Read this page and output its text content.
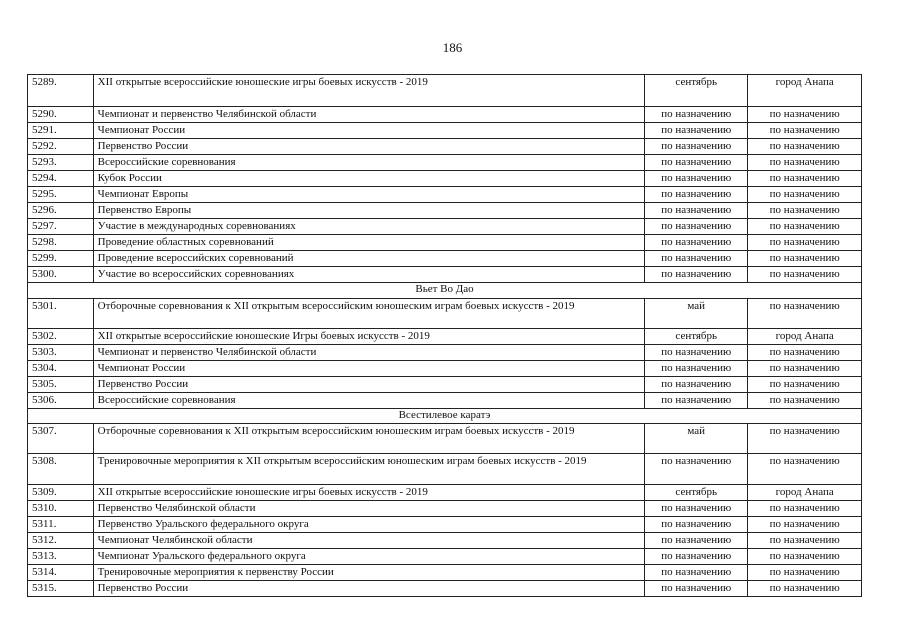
186
5289.	XII открытые всероссийские юношеские игры боевых искусств - 2019	сентябрь	город Анапа
5290.	Чемпионат и первенство Челябинской области	по назначению	по назначению
5291.	Чемпионат России	по назначению	по назначению
5292.	Первенство России	по назначению	по назначению
5293.	Всероссийские соревнования	по назначению	по назначению
5294.	Кубок России	по назначению	по назначению
5295.	Чемпионат Европы	по назначению	по назначению
5296.	Первенство Европы	по назначению	по назначению
5297.	Участие в международных соревнованиях	по назначению	по назначению
5298.	Проведение областных соревнований	по назначению	по назначению
5299.	Проведение всероссийских соревнований	по назначению	по назначению
5300.	Участие во всероссийских соревнованиях	по назначению	по назначению
Вьет Во Дао			
5301.	Отборочные соревнования к XII открытым всероссийским юношеским играм боевых искусств - 2019	май	по назначению
5302.	XII открытые всероссийские юношеские Игры боевых искусств - 2019	сентябрь	город Анапа
5303.	Чемпионат и первенство Челябинской области	по назначению	по назначению
5304.	Чемпионат России	по назначению	по назначению
5305.	Первенство России	по назначению	по назначению
5306.	Всероссийские соревнования	по назначению	по назначению
Всестилевое каратэ			
5307.	Отборочные соревнования к XII открытым всероссийским юношеским играм боевых искусств - 2019	май	по назначению
5308.	Тренировочные мероприятия к XII открытым всероссийским юношеским играм боевых искусств - 2019	по назначению	по назначению
5309.	XII открытые всероссийские юношеские игры боевых искусств - 2019	сентябрь	город Анапа
5310.	Первенство Челябинской области	по назначению	по назначению
5311.	Первенство Уральского федерального округа	по назначению	по назначению
5312.	Чемпионат Челябинской области	по назначению	по назначению
5313.	Чемпионат Уральского федерального округа	по назначению	по назначению
5314.	Тренировочные мероприятия к первенству России	по назначению	по назначению
5315.	Первенство России	по назначению	по назначению
